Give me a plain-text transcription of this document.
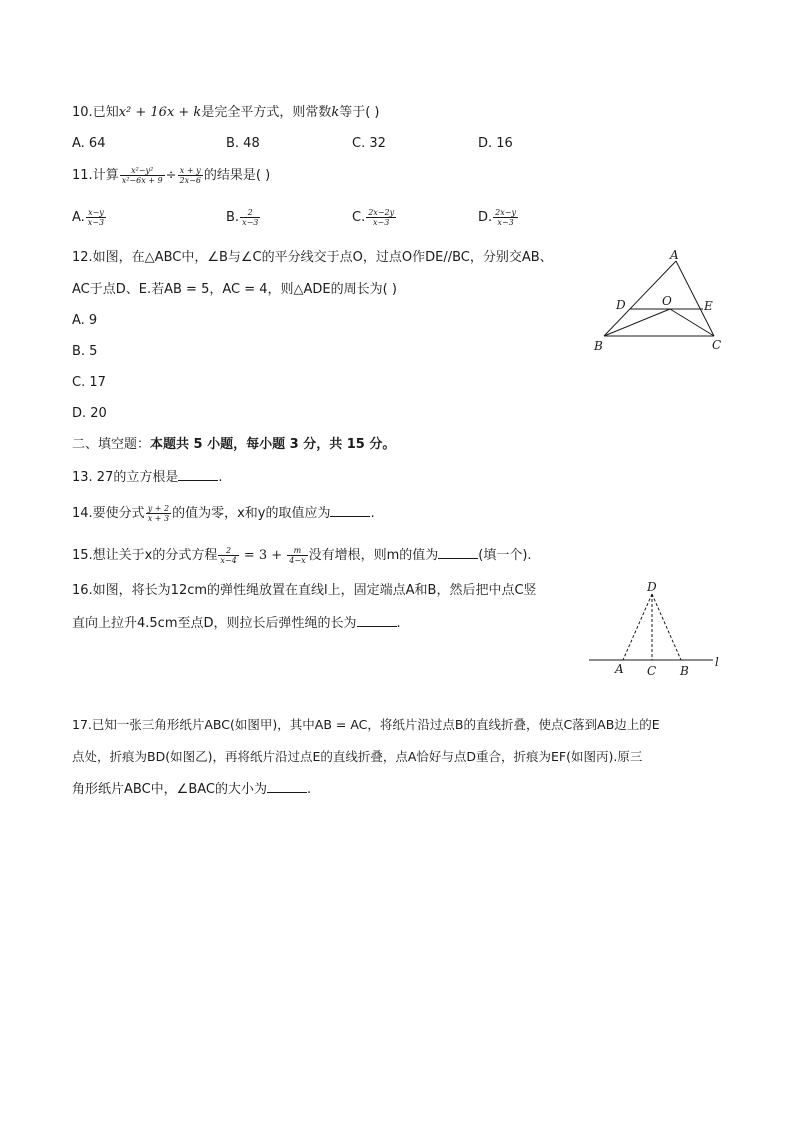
10.已知x² + 16x + k是完全平方式，则常数k等于( )
A. 64	B. 48	C. 32	D. 16
11.计算 $\frac{\text{x²−y²}}{\text{x²−6x + 9}} \div \frac{x + y}{2x-6}$ 的结果是( )
A. $\frac{x-y}{x-3}$	B. $\frac{2}{x-3}$	C. $\frac{2x-2y}{x-3}$	D. $\frac{2x-y}{x-3}$
12.如图，在△ABC中，∠B与∠C的平分线交于点O，过点O作DE//BC，分别交AB、
AC于点D、E.若AB = 5，AC = 4，则△ADE的周长为( )
A. 9
B. 5
C. 17
D. 20
A
B	C
D	E
O
二、填空题：本题共 5 小题，每小题 3 分，共 15 分。
13. 27的立方根是	.
14.要使分式 $\frac{y + 2}{x + 3}$ 的值为零，x和y的取值应为	.
15.想让关于x的分式方程 $\frac{2}{x-4} = 3 + \frac{m}{4-x}$ 没有增根，则m的值为	(填一个).
16.如图，将长为12cm的弹性绳放置在直线l上，固定端点A和B，然后把中点C竖
直向上拉升4.5cm至点D，则拉长后弹性绳的长为	.
D
A C B
l
17.已知一张三角形纸片ABC(如图甲)，其中AB = AC，将纸片沿过点B的直线折叠，使点C落到AB边上的E
点处，折痕为BD(如图乙)，再将纸片沿过点E的直线折叠，点A恰好与点D重合，折痕为EF(如图丙).原三
角形纸片ABC中，∠BAC的大小为	.
